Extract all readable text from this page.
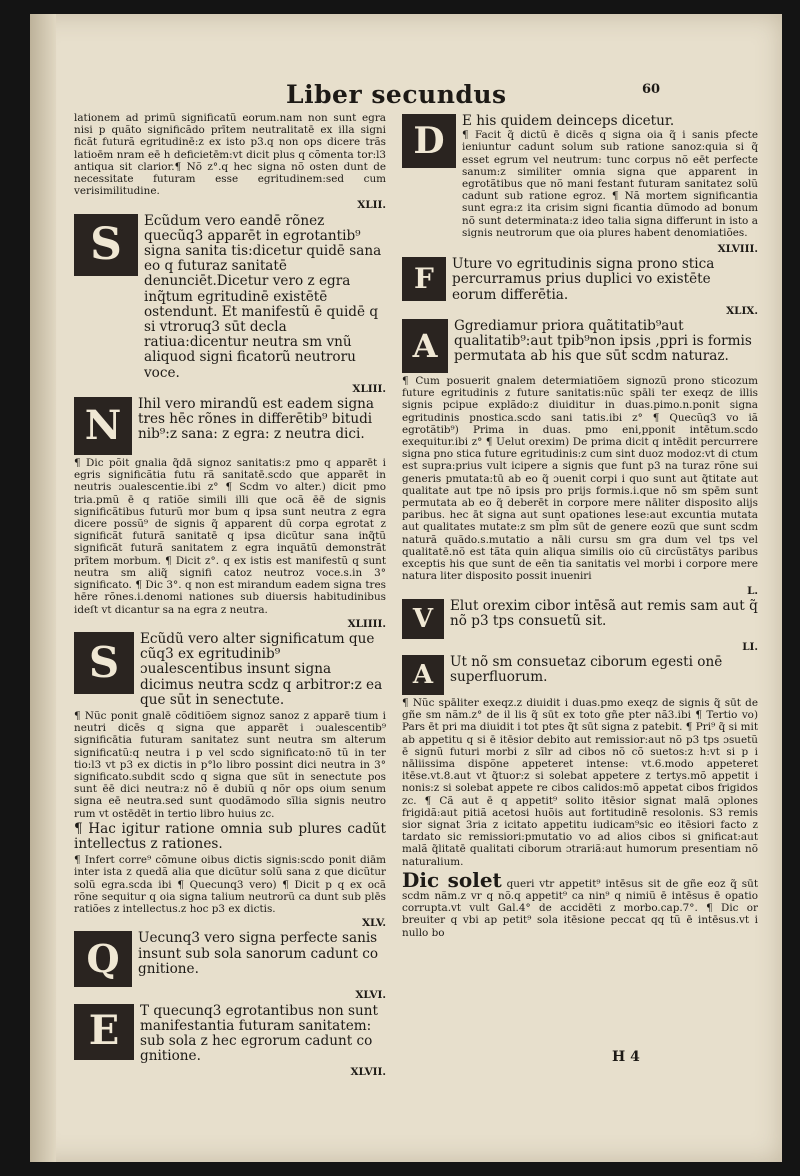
Liber secundus	60

lationem ad primũ significatũ eorum.nam non sunt egra nisi p quãto significãdo prītem neutralitatē ex illa signi ficãt futurã egritudinē:z ex isto p3.q non ops dicere trãs latioēm nram eē h deficietēm:vt dicit plus q cõmenta tor:l3 antiqua sit clarior.¶ Nõ z°.q hec signa nõ osten dunt de necessitate futuram esse egritudinem:sed cum verisimilitudine.

XLII.
S Ecũdum vero eandē rõnez quecũq3 apparēt in egrotantib⁹ signa sanita tis:dicetur quidē sana eo q futuraz sanitatē denunciēt.Dicetur vero z egra inq̃tum egritudinē existētē ostendunt. Et manifestũ ē quidē q si vtroruq3 sūt decla ratiua:dicentur neutra sm vnũ aliquod signi ficatorũ neutroru voce.
XLIII.
N Ihil vero mirandũ est eadem signa tres hēc rõnes in differētib⁹ bitudi nib⁹:z sana: z egra: z neutra dici.

¶ Dic põit gnalia q̃dā signoz sanitatis:z pmo q apparēt i egris significãtia futu rã sanitatē.scdo que apparēt in neutris ɔualescentie.ibi z° ¶ Scdm vo alter.) dicit pmo tria.pmũ ē q ratiõe simili illi que ocã ēē de signis significãtibus futurũ mor bum q ipsa sunt neutra z egra dicere possũ⁹ de signis q̃ apparent dũ corpa egrotat z significãt futurã sanitatē q ipsa dicũtur sana inq̃tũ significãt futurã sanitatem z egra inquãtũ demonstrãt prītem morbum. ¶ Dicit z°. q ex istis est manifestũ q sunt neutra sm aliq̃ signifi catoz neutroz voce.s.in 3° significato. ¶ Dic 3°. q non est mirandum eadem signa tres hēre rõnes.i.denomi nationes sub diuersis habitudinibus ideſt vt dicantur sa na egra z neutra.

XLIIII.
S Ecũdũ vero alter significatum que cũq3 ex egritudinib⁹ ɔualescentibus insunt signa dicimus neutra scdz q arbitror:z ea que sūt in senectute.

¶ Nũc ponit gnalē cõditiõem signoz sanoz z apparē tium i neutri dicēs q signa que apparēt i ɔualescentib⁹ significātia futuram sanitatez sunt neutra sm alterum significatũ:q neutra i p vel scdo significato:nõ tũ in ter tio:l3 vt p3 ex dictis in p°lo libro possint dici neutra in 3° significato.subdit scdo q signa que sūt in senectute pos sunt ēē dici neutra:z nõ ē dubiũ q nõr ops oium senum signa eē neutra.sed sunt quodãmodo sīlia signis neutro rum vt ostēdēt in tertio libro huius zc.

¶ Hac igitur ratione omnia sub plures cadũt intellectus z rationes.

¶ Infert corre⁹ cõmune oibus dictis signis:scdo ponit diām inter ista z quedã alia que dicũtur solũ sana z que dicũtur solũ egra.scda ibi ¶ Quecunq3 vero) ¶ Dicit p q ex ocã rõne sequitur q oia signa talium neutrorũ ca dunt sub plēs ratiões z intellectus.z hoc p3 ex dictis.

XLV.
Q Uecunq3 vero signa perfecte sanis insunt sub sola sanorum cadunt co gnitione.
XLVI.
E T quecunq3 egrotantibus non sunt manifestantia futuram sanitatem: sub sola z hec egrorum cadunt co gnitione.
XLVII.
D E his quidem deinceps dicetur.
¶ Facit q̃ dictũ ē dicēs q signa oia q̃ i sanis pfecte ieniuntur cadunt solum sub ratione sanoz:quia si q̃ esset egrum vel neutrum: tunc corpus nõ eēt perfecte sanum:z similiter omnia signa que apparent in egrotãtibus que nõ mani festant futuram sanitatez solũ cadunt sub ratione egroz. ¶ Nã mortem significantia sunt egra:z ita crisim signi ficantia dũmodo ad bonum nõ sunt determinata:z ideo talia signa differunt in isto a signis neutrorum que oia plures habent denomiatiões.
XLVIII.
F Uture vo egritudinis signa prono stica percurramus prius duplici vo existēte eorum differētia.
XLIX.
A
Ggrediamur priora quãtitatib⁹aut qualitatib⁹:aut tpib⁹non ipsis ,ppri is formis permutata ab his que sūt scdm naturaz.

¶ Cum posuerit gnalem determiatiõem signozũ prono sticozum future egritudinis z future sanitatis:nũc spāli ter exeqz de illis signis pcipue explãdo:z diuiditur in duas.pimo.n.ponit signa egritudinis pnostica.scdo sani tatis.ibi z° ¶ Quecũq3 vo iã egrotãtib⁹) Prima in duas. pmo eni,pponit intētum.scdo exequitur.ibi z° ¶ Uelut orexim) De prima dicit q intēdit percurrere signa pno stica future egritudinis:z cum sint duoz modoz:vt di ctum est supra:prius vult icipere a signis que funt p3 na turaz rõne sui generis pmutata:tū ab eo q̃ ɔuenit corpi i quo sunt aut q̃titate aut qualitate aut tpe nõ ipsis pro prijs formis.i.que nõ sm spēm sunt permutata ab eo q̃ deberēt in corpore mere nāliter disposito alijs paribus. hec āt signa aut sunt opationes lese:aut excuntia mutata aut qualitates mutate:z sm pl̃m sūt de genere eozũ que sunt scdm naturã quãdo.s.mutatio a nāli cursu sm gra dum vel tps vel qualitatē.nõ est tãta quin aliqua similis oio cũ circũstãtys paribus exceptis his que sunt de eēn tia sanitatis vel morbi i corpore mere natura liter disposito possit inueniri

L.
V Elut orexim cibor intēsã aut remis sam aut q̃ nõ p3 tps consuetũ sit.
LI.
A Ut nõ sm consuetaz ciborum egesti onē superfluorum.

¶ Nũc spāliter exeqz.z diuidit i duas.pmo exeqz de signis q̃ sūt de gñe sm nãm.z° de il lis q̃ sūt ex toto gñe pter nã3.ibi ¶ Tertio vo) Pars ēt pri ma diuidit i tot ptes q̃t sūt signa z patebit. ¶ Pri⁹ q̃ si mit ab appetitu q si ē itēsior debito aut remissior:aut nõ p3 tps ɔsuetũ ē signũ futuri morbi z sīlr ad cibos nõ cõ suetos:z h:vt si p i nāliissima dispõne appeteret intense: vt.6.modo appeteret itēse.vt.8.aut vt q̃tuor:z si solebat appetere z tertys.mõ appetit i nonis:z si solebat appete re cibos calidos:mõ appetat cibos frigidos zc. ¶ Cã aut ē q appetit⁹ solito itēsior signat malã ɔplones frigidã:aut pitiã acetosi huõis aut fortitudinē resolonis. S3 remis sior signat 3ria z icitato appetitu iudicam⁹sic eo itēsiori facto z tardato sic remissiori:pmutatio vo ad alios cibos si gnificat:aut malã q̃litatē qualitati ciborum ɔtrariã:aut humorum presentiam nõ naturalium.

Dic solet queri vtr appetit⁹ intēsus sit de gñe eoz q̃ sūt scdm nãm.z vr q nõ.q appetit⁹ ca nin⁹ q nimiũ ē intēsus ē opatio corrupta.vt vult Gal.4° de accidēti z morbo.cap.7°. ¶ Dic or breuiter q vbi ap petit⁹ sola itēsione peccat qq tũ ē intēsus.vt i nullo bo

H 4
